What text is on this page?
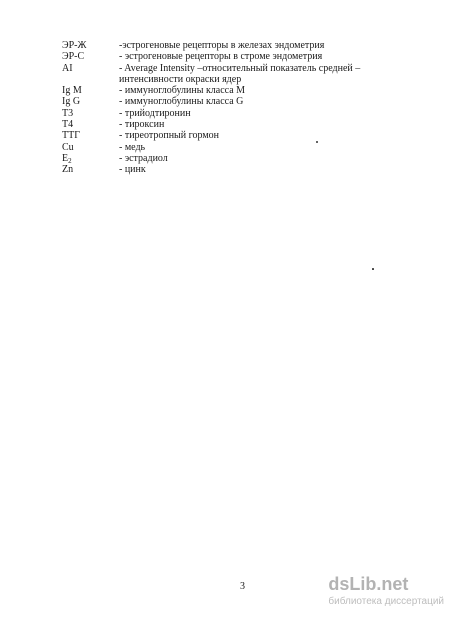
ЭР-Ж	-эстрогеновые рецепторы в железах эндометрия
ЭР-С	- эстрогеновые рецепторы в строме эндометрия
AI	- Average Intensity –относительный показатель средней –
интенсивности окраски ядер
Ig M	- иммуноглобулины класса M
Ig G	- иммуноглобулины класса G
T3	- трийодтиронин
T4	- тироксин
ТТГ	- тиреотропный гормон
Cu	- медь
$E_2$	- эстрадиол
Zn	- цинк
3	dsLib.net
библиотека диссертаций
